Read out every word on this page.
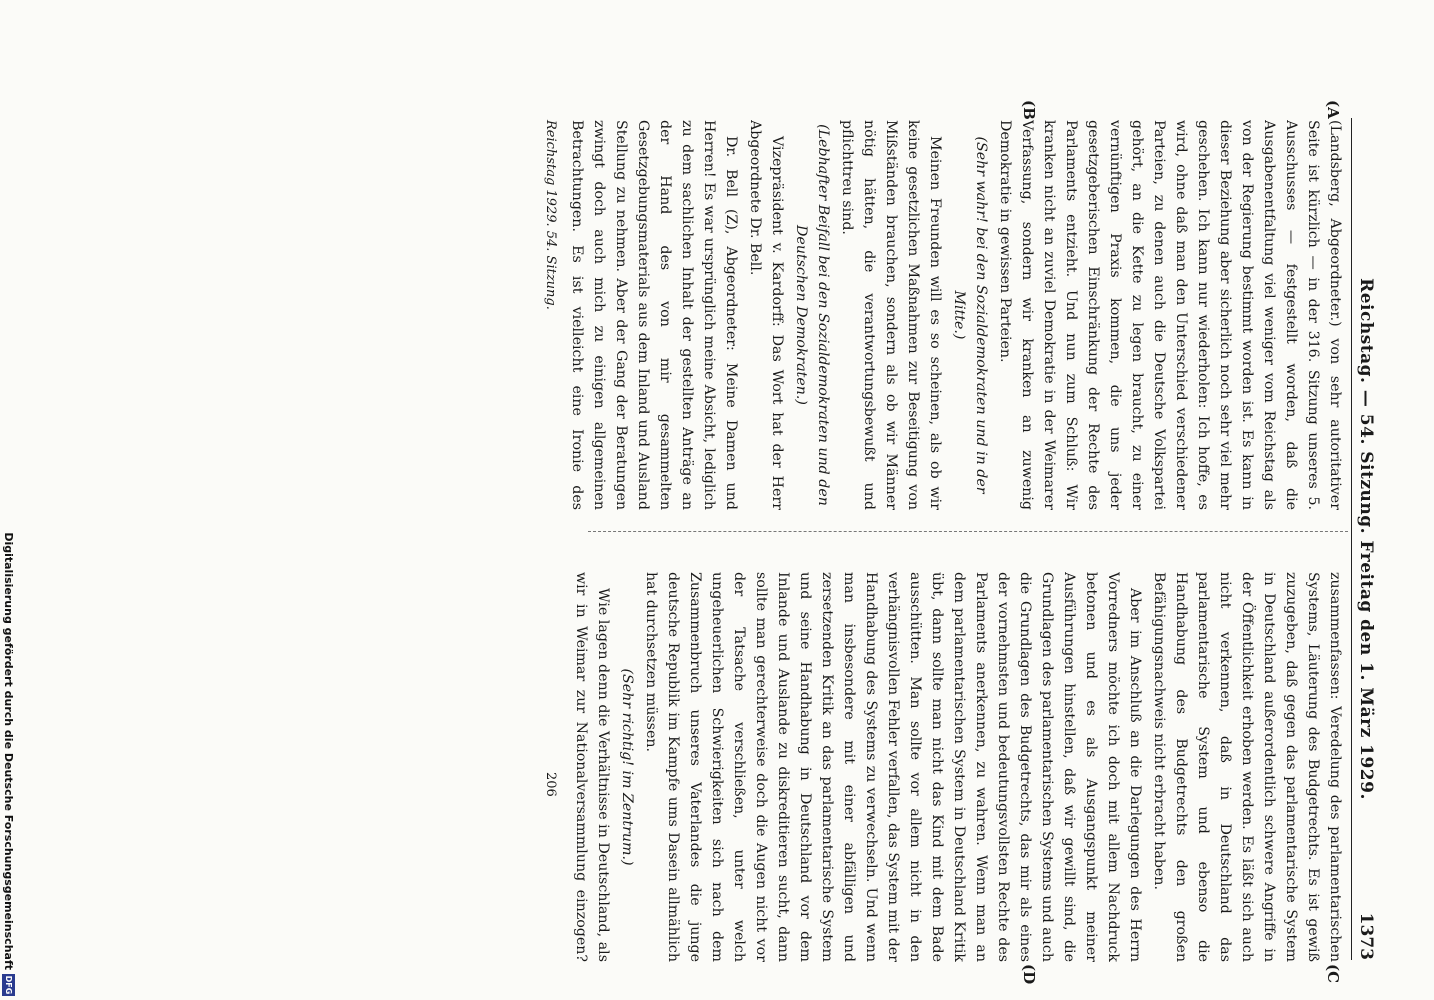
Reichstag. — 54. Sitzung. Freitag den 1. März 1929.
1373
(A
(B
(C
(D

(Landsberg, Abgeordneter.) von sehr autoritativer Seite ist kürzlich — in der 316. Sitzung unseres 5. Ausschusses — festgestellt worden, daß die Ausgabenentfaltung viel weniger vom Reichstag als von der Regierung bestimmt worden ist. Es kann in dieser Beziehung aber sicherlich noch sehr viel mehr geschehen. Ich kann nur wiederholen: Ich hoffe, es wird, ohne daß man den Unterschied verschiedener Parteien, zu denen auch die Deutsche Volkspartei gehört, an die Kette zu legen braucht, zu einer vernünftigen Praxis kommen, die uns jeder gesetzgeberischen Einschränkung der Rechte des Parlaments entzieht. Und nun zum Schluß: Wir kranken nicht an zuviel Demokratie in der Weimarer Verfassung, sondern wir kranken an zuwenig Demokratie in gewissen Parteien.

(Sehr wahr! bei den Sozialdemokraten und in der Mitte.)

Meinen Freunden will es so scheinen, als ob wir keine gesetzlichen Maßnahmen zur Beseitigung von Mißständen brauchen, sondern als ob wir Männer nötig hätten, die verantwortungsbewußt und pflichttreu sind.

(Lebhafter Beifall bei den Sozialdemokraten und den Deutschen Demokraten.)

Vizepräsident v. Kardorff: Das Wort hat der Herr Abgeordnete Dr. Bell.

Dr. Bell (Z), Abgeordneter: Meine Damen und Herren! Es war ursprünglich meine Absicht, lediglich zu dem sachlichen Inhalt der gestellten Anträge an der Hand des von mir gesammelten Gesetzgebungsmaterials aus dem Inland und Ausland Stellung zu nehmen. Aber der Gang der Beratungen zwingt doch auch mich zu einigen allgemeinen Betrachtungen. Es ist vielleicht eine Ironie des

zusammenfassen: Veredelung des parlamentarischen Systems, Läuterung des Budgetrechts. Es ist gewiß zuzugeben, daß gegen das parlamentarische System in Deutschland außerordentlich schwere Angriffe in der Öffentlichkeit erhoben werden. Es läßt sich auch nicht verkennen, daß in Deutschland das parlamentarische System und ebenso die Handhabung des Budgetrechts den großen Befähigungsnachweis nicht erbracht haben.

Aber im Anschluß an die Darlegungen des Herrn Vorredners möchte ich doch mit allem Nachdruck betonen und es als Ausgangspunkt meiner Ausführungen hinstellen, daß wir gewillt sind, die Grundlagen des parlamentarischen Systems und auch die Grundlagen des Budgetrechts, das mir als eines der vornehmsten und bedeutungsvollsten Rechte des Parlaments anerkennen, zu wahren. Wenn man an dem parlamentarischen System in Deutschland Kritik übt, dann sollte man nicht das Kind mit dem Bade ausschütten. Man sollte vor allem nicht in den verhängnisvollen Fehler verfallen, das System mit der Handhabung des Systems zu verwechseln. Und wenn man insbesondere mit einer abfälligen und zersetzenden Kritik an das parlamentarische System und seine Handhabung in Deutschland vor dem Inlande und Auslande zu diskreditieren sucht, dann sollte man gerechterweise doch die Augen nicht vor der Tatsache verschließen, unter welch ungeheuerlichen Schwierigkeiten sich nach dem Zusammenbruch unseres Vaterlandes die junge deutsche Republik im Kampfe ums Dasein allmählich hat durchsetzen müssen.

(Sehr richtig! im Zentrum.)

Wie lagen denn die Verhältnisse in Deutschland, als wir in Weimar zur Nationalversammlung einzogen?

Reichstag 1929. 54. Sitzung.
206
Digitalisierung gefördert durch die Deutsche Forschungsgemeinschaft
DFG
